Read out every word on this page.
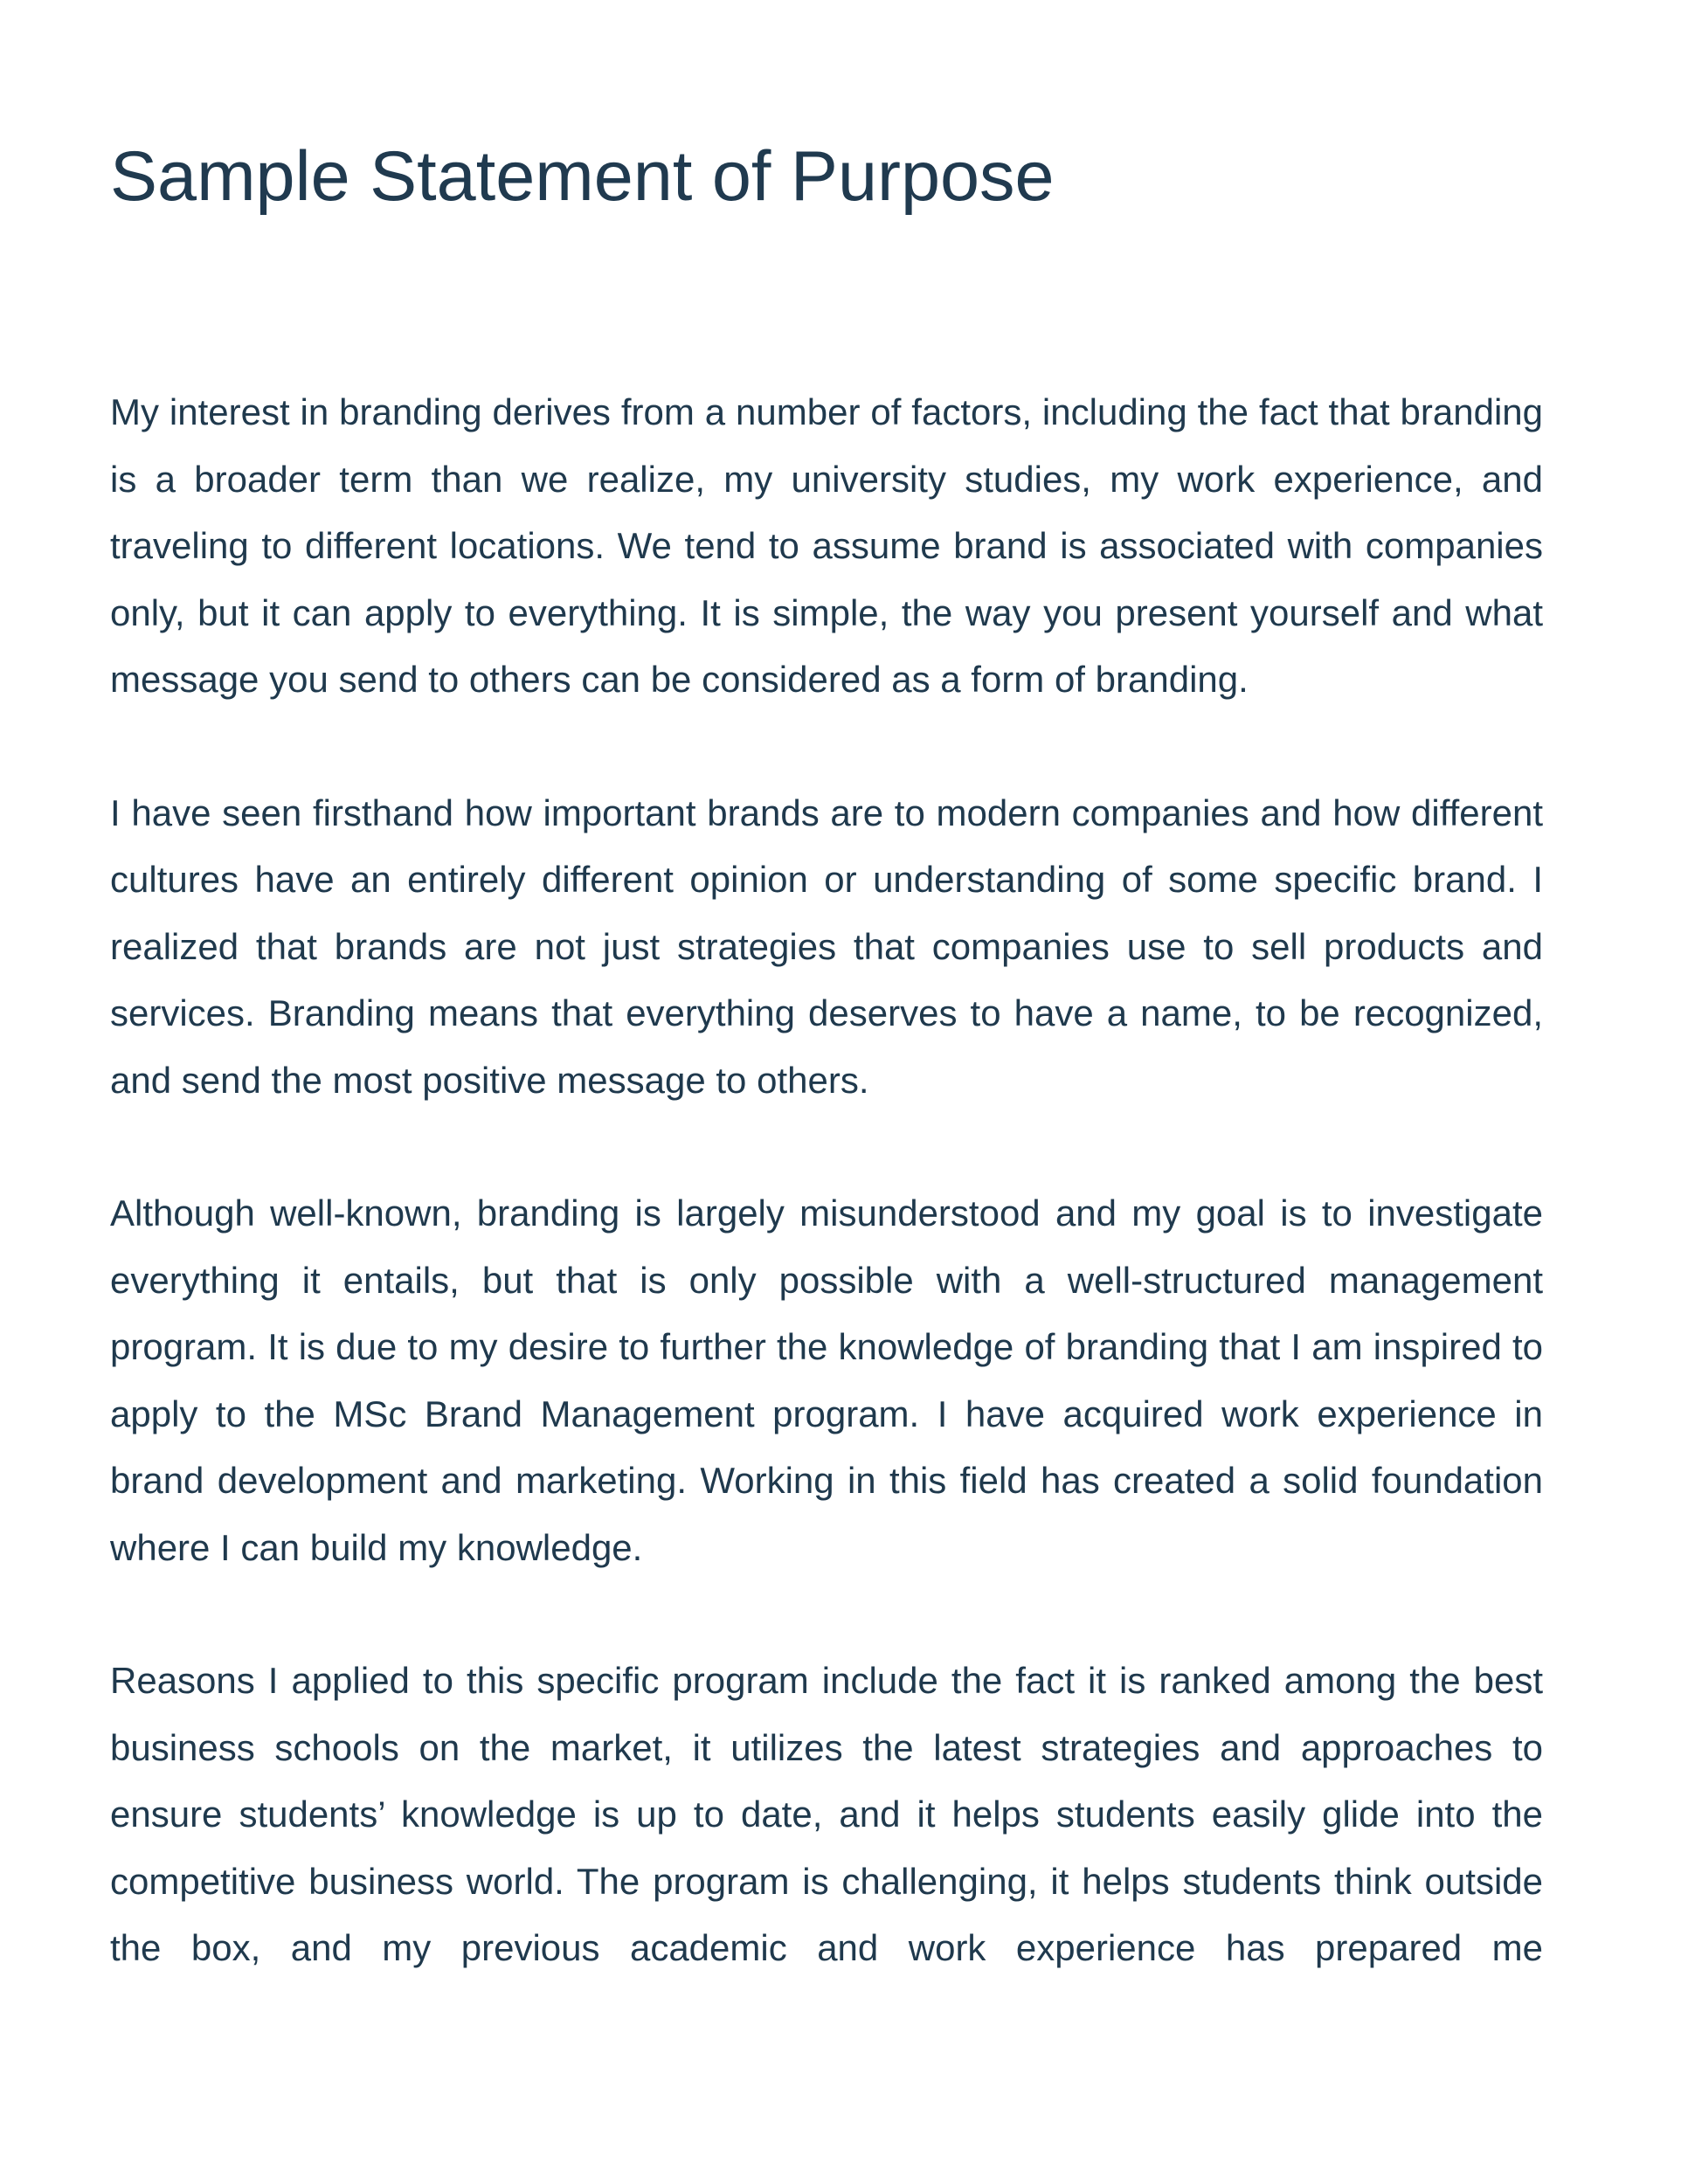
Sample Statement of Purpose

My interest in branding derives from a number of factors, including the fact that branding is a broader term than we realize, my university studies, my work experience, and traveling to different locations. We tend to assume brand is associated with companies only, but it can apply to everything. It is simple, the way you present yourself and what message you send to others can be considered as a form of branding.

I have seen firsthand how important brands are to modern companies and how different cultures have an entirely different opinion or understanding of some specific brand. I realized that brands are not just strategies that companies use to sell products and services. Branding means that everything deserves to have a name, to be recognized, and send the most positive message to others.

Although well-known, branding is largely misunderstood and my goal is to investigate everything it entails, but that is only possible with a well-structured management program. It is due to my desire to further the knowledge of branding that I am inspired to apply to the MSc Brand Management program. I have acquired work experience in brand development and marketing. Working in this field has created a solid foundation where I can build my knowledge.

Reasons I applied to this specific program include the fact it is ranked among the best business schools on the market, it utilizes the latest strategies and approaches to ensure students’ knowledge is up to date, and it helps students easily glide into the competitive business world. The program is challenging, it helps students think outside the box, and my previous academic and work experience has prepared me
